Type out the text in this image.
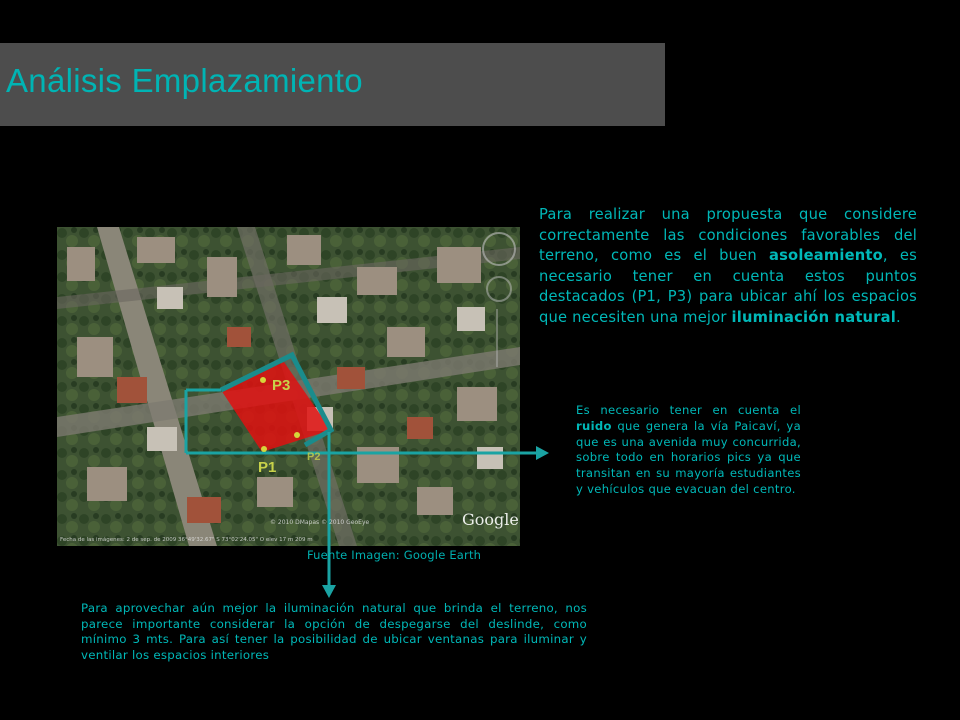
Análisis Emplazamiento
P3
P1
P2
Google
© 2010 DMapas © 2010 GeoEye
Fecha de las imágenes: 2 de sep. de 2009 36°49'32.67" S 73°02'24.05" O elev 17 m 209 m

Fuente Imagen: Google Earth

Para realizar una propuesta que considere correctamente las condiciones favorables del terreno, como es el buen asoleamiento, es necesario tener en cuenta estos puntos destacados (P1, P3) para ubicar ahí los espacios que necesiten una mejor iluminación natural.

Es necesario tener en cuenta el ruido que genera la vía Paicaví, ya que es una avenida muy concurrida, sobre todo en horarios pics ya que transitan en su mayoría estudiantes y vehículos que evacuan del centro.

Para aprovechar aún mejor la iluminación natural que brinda el terreno, nos parece importante considerar la opción de despegarse del deslinde, como mínimo 3 mts. Para así tener la posibilidad de ubicar ventanas para iluminar y ventilar los espacios interiores
